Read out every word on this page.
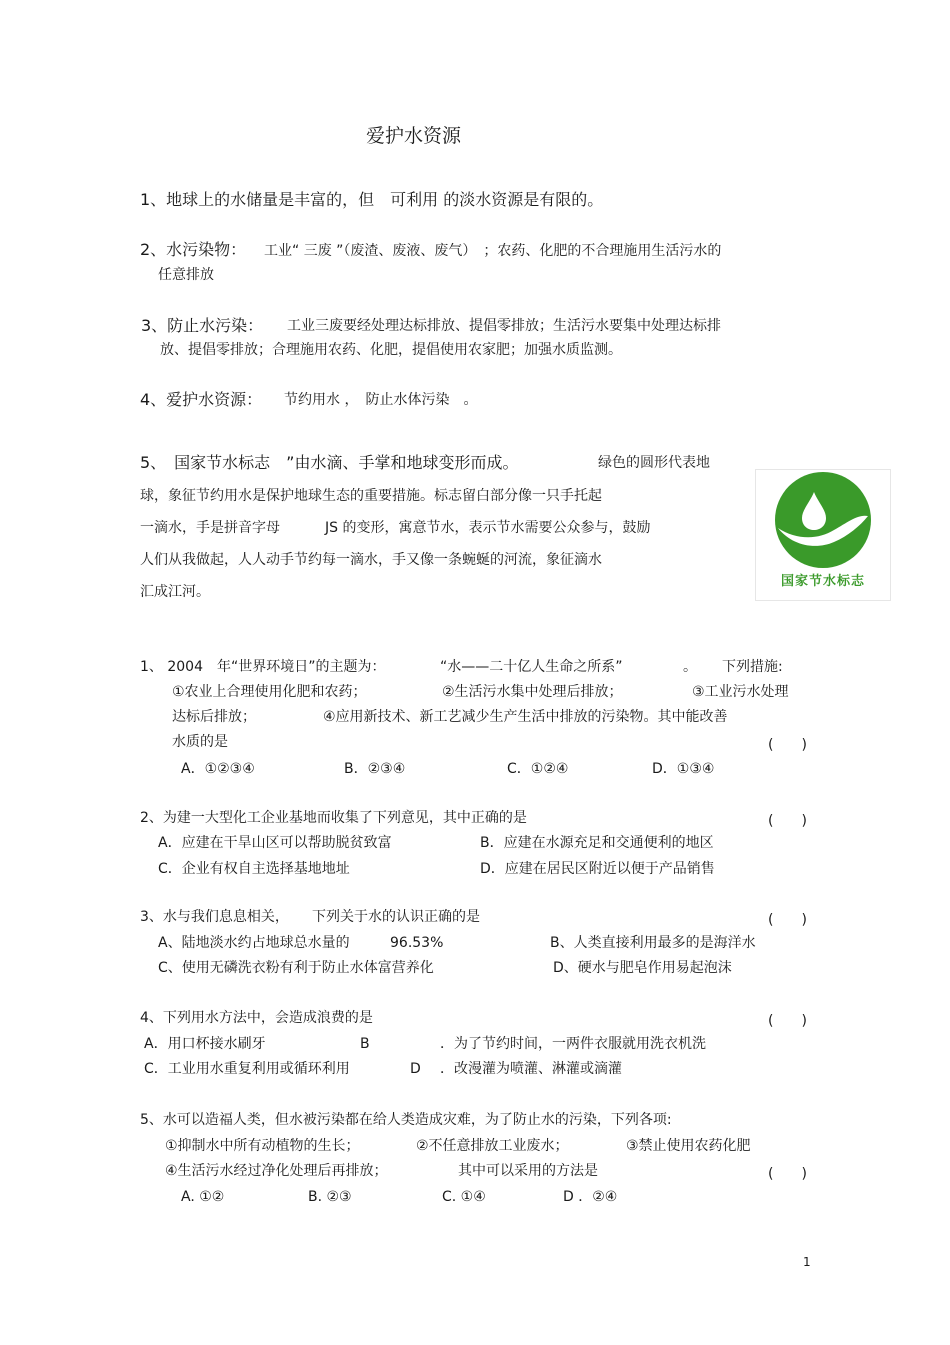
爱护水资源
1、地球上的水储量是丰富的，但　可利用 的淡水资源是有限的。
2、水污染物： 工业“ 三废 ”（废渣、废液、废气）　；农药、化肥的不合理施用生活污水的
任意排放
3、防止水污染： 工业三废要经处理达标排放、提倡零排放；生活污水要集中处理达标排
放、提倡零排放；合理施用农药、化肥，提倡使用农家肥；加强水质监测。
4、爱护水资源： 节约用水 ，　防止水体污染　。
5、　国家节水标志　”由水滴、手掌和地球变形而成。	绿色的圆形代表地
球，象征节约用水是保护地球生态的重要措施。标志留白部分像一只手托起
一滴水，手是拼音字母	JS 的变形，寓意节水，表示节水需要公众参与，鼓励
人们从我做起，人人动手节约每一滴水，手又像一条蜿蜒的河流，象征滴水
汇成江河。
国家节水标志
1、 2004　年“世界环境日”的主题为：	“水——二十亿人生命之所系”	。 下列措施:
①农业上合理使用化肥和农药；	②生活污水集中处理后排放；	③工业污水处理
达标后排放；	④应用新技术、新工艺减少生产生活中排放的污染物。其中能改善
水质的是	(　　)
A．①②③④	B．②③④	C．①②④	D．①③④
2、为建一大型化工企业基地而收集了下列意见，其中正确的是	(　　)
A．应建在干旱山区可以帮助脱贫致富	B．应建在水源充足和交通便利的地区
C．企业有权自主选择基地地址	D．应建在居民区附近以便于产品销售
3、水与我们息息相关， 下列关于水的认识正确的是	(　　)
A、陆地淡水约占地球总水量的	96.53%	B、人类直接利用最多的是海洋水
C、使用无磷洗衣粉有利于防止水体富营养化	D、硬水与肥皂作用易起泡沫
4、下列用水方法中，会造成浪费的是	(　　)
A．用口杯接水刷牙	B	．为了节约时间，一两件衣服就用洗衣机洗
C．工业用水重复利用或循环利用	D ．改漫灌为喷灌、淋灌或滴灌
5、水可以造福人类，但水被污染都在给人类造成灾难，为了防止水的污染，下列各项:
①抑制水中所有动植物的生长；	②不任意排放工业废水；	③禁止使用农药化肥
④生活污水经过净化处理后再排放；	其中可以采用的方法是	(　　)
A. ①②	B. ②③	C. ①④	D ．②④
1
